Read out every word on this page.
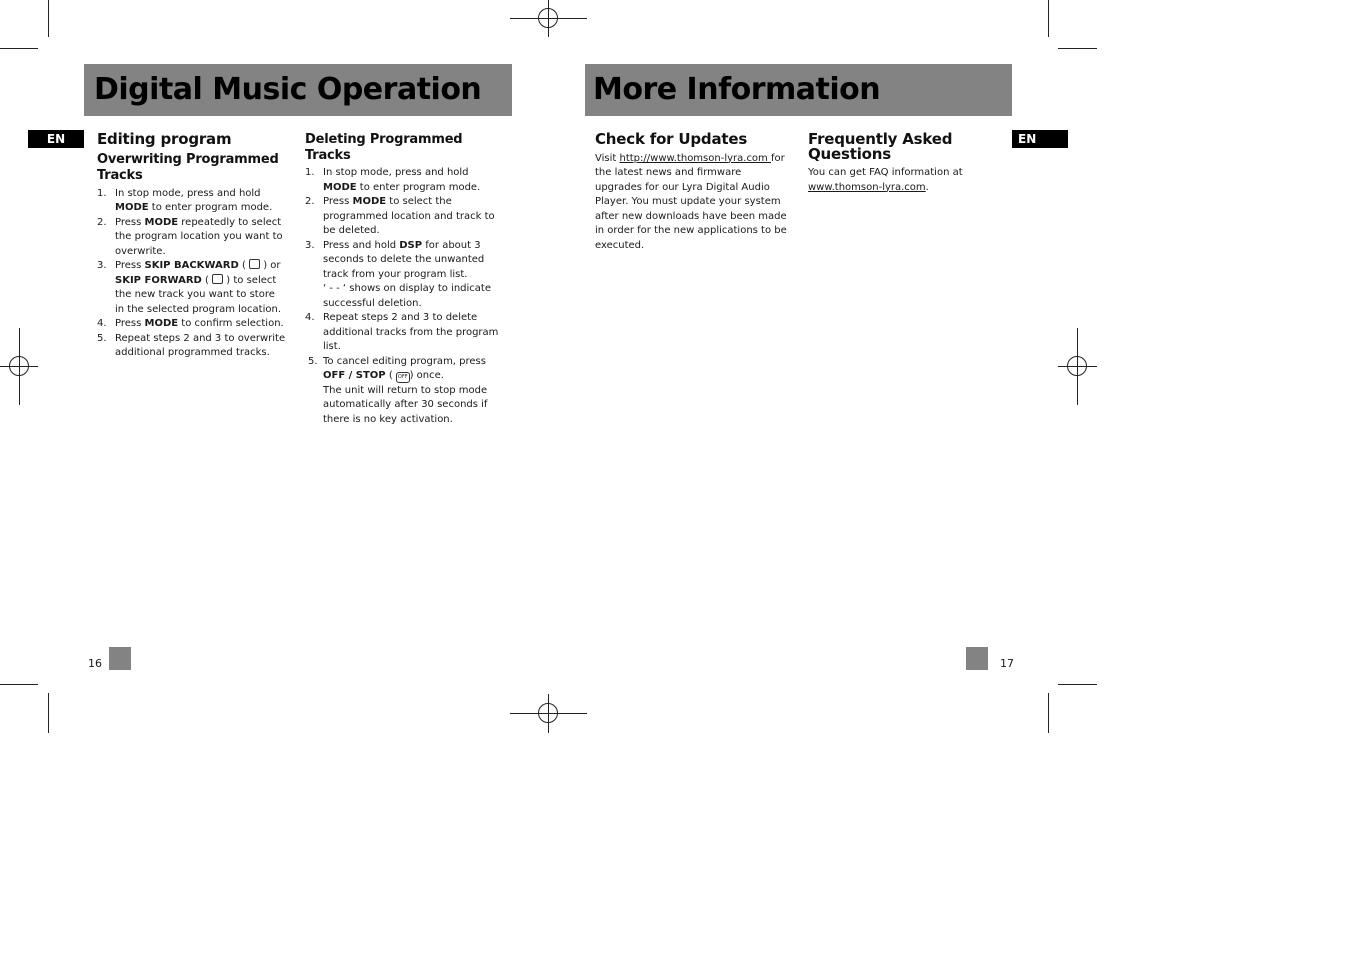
Digital Music Operation	More Information
EN	EN
Editing program
Overwriting Programmed Tracks
1. In stop mode, press and hold MODE to enter program mode.
2. Press MODE repeatedly to select the program location you want to overwrite.
3. Press SKIP BACKWARD (  ) or SKIP FORWARD (  ) to select the new track you want to store in the selected program location.
4. Press MODE to confirm selection.
5. Repeat steps 2 and 3 to overwrite additional programmed tracks.
Deleting Programmed Tracks
1. In stop mode, press and hold MODE to enter program mode.
2. Press MODE to select the programmed location and track to be deleted.
3. Press and hold DSP for about 3 seconds to delete the unwanted track from your program list.

‘ - - ‘ shows on display to indicate successful deletion.

4. Repeat steps 2 and 3 to delete additional tracks from the program list.
5. To cancel editing program, press OFF / STOP ( OFF ) once.

The unit will return to stop mode automatically after 30 seconds if there is no key activation.

Check for Updates

Visit http://www.thomson-lyra.com for the latest news and firmware upgrades for our Lyra Digital Audio Player. You must update your system after new downloads have been made in order for the new applications to be executed.

Frequently Asked Questions

You can get FAQ information at www.thomson-lyra.com.

16	17
